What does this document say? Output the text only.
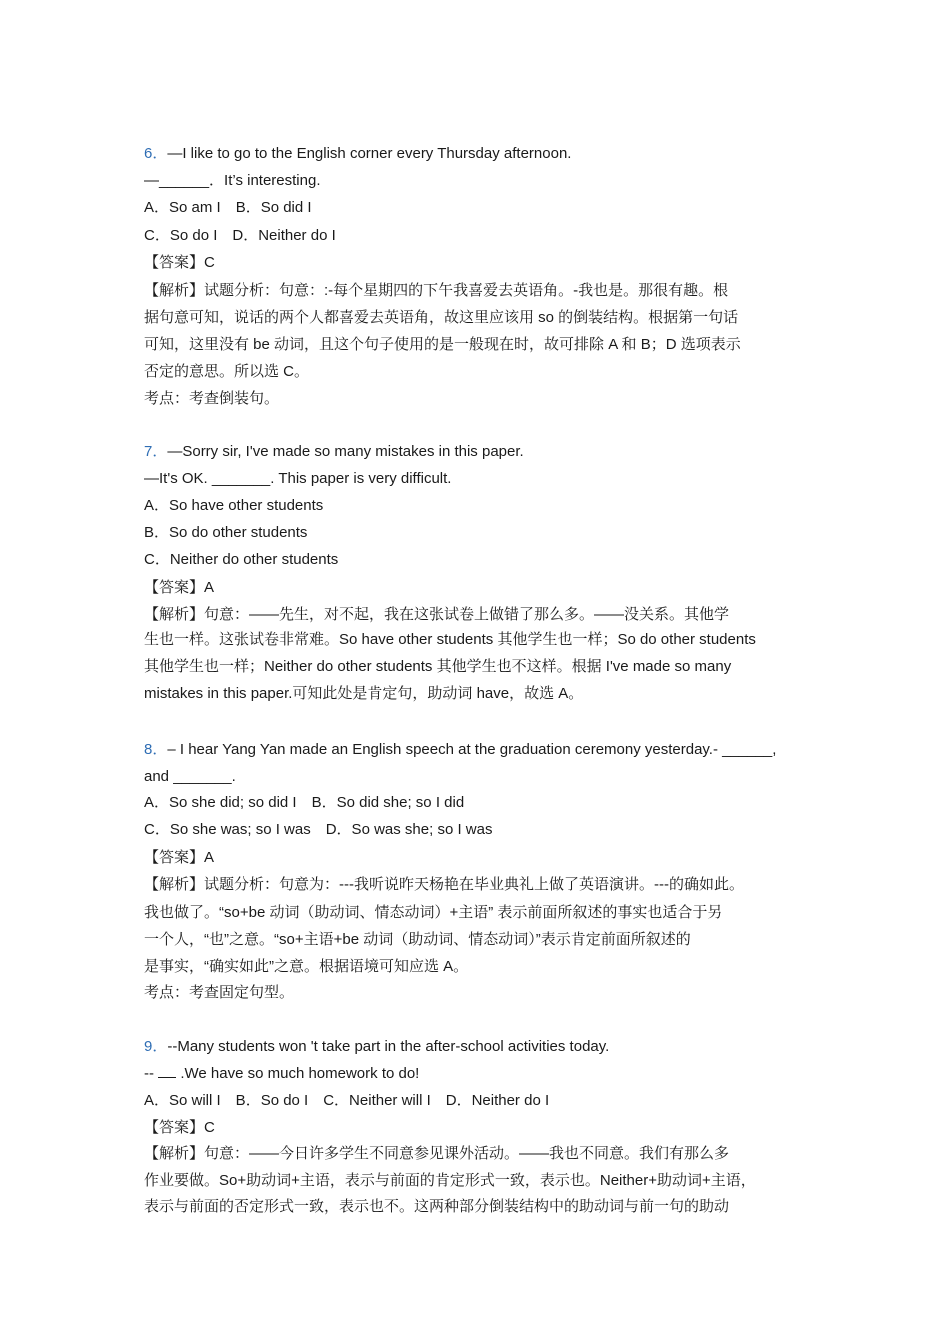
6．—I like to go to the English corner every Thursday afternoon.
—______．It’s interesting.
A．So am I　B．So did I
C．So do I　D．Neither do I
【答案】C
【解析】试题分析：句意：:-每个星期四的下午我喜爱去英语角。-我也是。那很有趣。根
据句意可知，说话的两个人都喜爱去英语角，故这里应该用 so 的倒装结构。根据第一句话
可知，这里没有 be 动词，且这个句子使用的是一般现在时，故可排除 A 和 B；D 选项表示
否定的意思。所以选 C。
考点：考查倒装句。
7．—Sorry sir, I've made so many mistakes in this paper.
—It's OK. _______. This paper is very difficult.
A．So have other students
B．So do other students
C．Neither do other students
【答案】A
【解析】句意：——先生，对不起，我在这张试卷上做错了那么多。——没关系。其他学
生也一样。这张试卷非常难。So have other students 其他学生也一样；So do other students
其他学生也一样；Neither do other students 其他学生也不这样。根据 I've made so many
mistakes in this paper.可知此处是肯定句，助动词 have，故选 A。
8．– I hear Yang Yan made an English speech at the graduation ceremony yesterday.- ______,
and _______.
A．So she did; so did I　B．So did she; so I did
C．So she was; so I was　D．So was she; so I was
【答案】A
【解析】试题分析：句意为：---我听说昨天杨艳在毕业典礼上做了英语演讲。---的确如此。
我也做了。“so+be 动词（助动词、情态动词）+主语” 表示前面所叙述的事实也适合于另
一个人，“也”之意。“so+主语+be 动词（助动词、情态动词）”表示肯定前面所叙述的
是事实，“确实如此”之意。根据语境可知应选 A。
考点：考查固定句型。
9．--Many students won 't take part in the after-school activities today.
--  .We have so much homework to do!
A．So will I　B．So do I　C．Neither will I　D．Neither do I
【答案】C
【解析】句意：——今日许多学生不同意参见课外活动。——我也不同意。我们有那么多
作业要做。So+助动词+主语，表示与前面的肯定形式一致，表示也。Neither+助动词+主语，
表示与前面的否定形式一致，表示也不。这两种部分倒装结构中的助动词与前一句的助动
